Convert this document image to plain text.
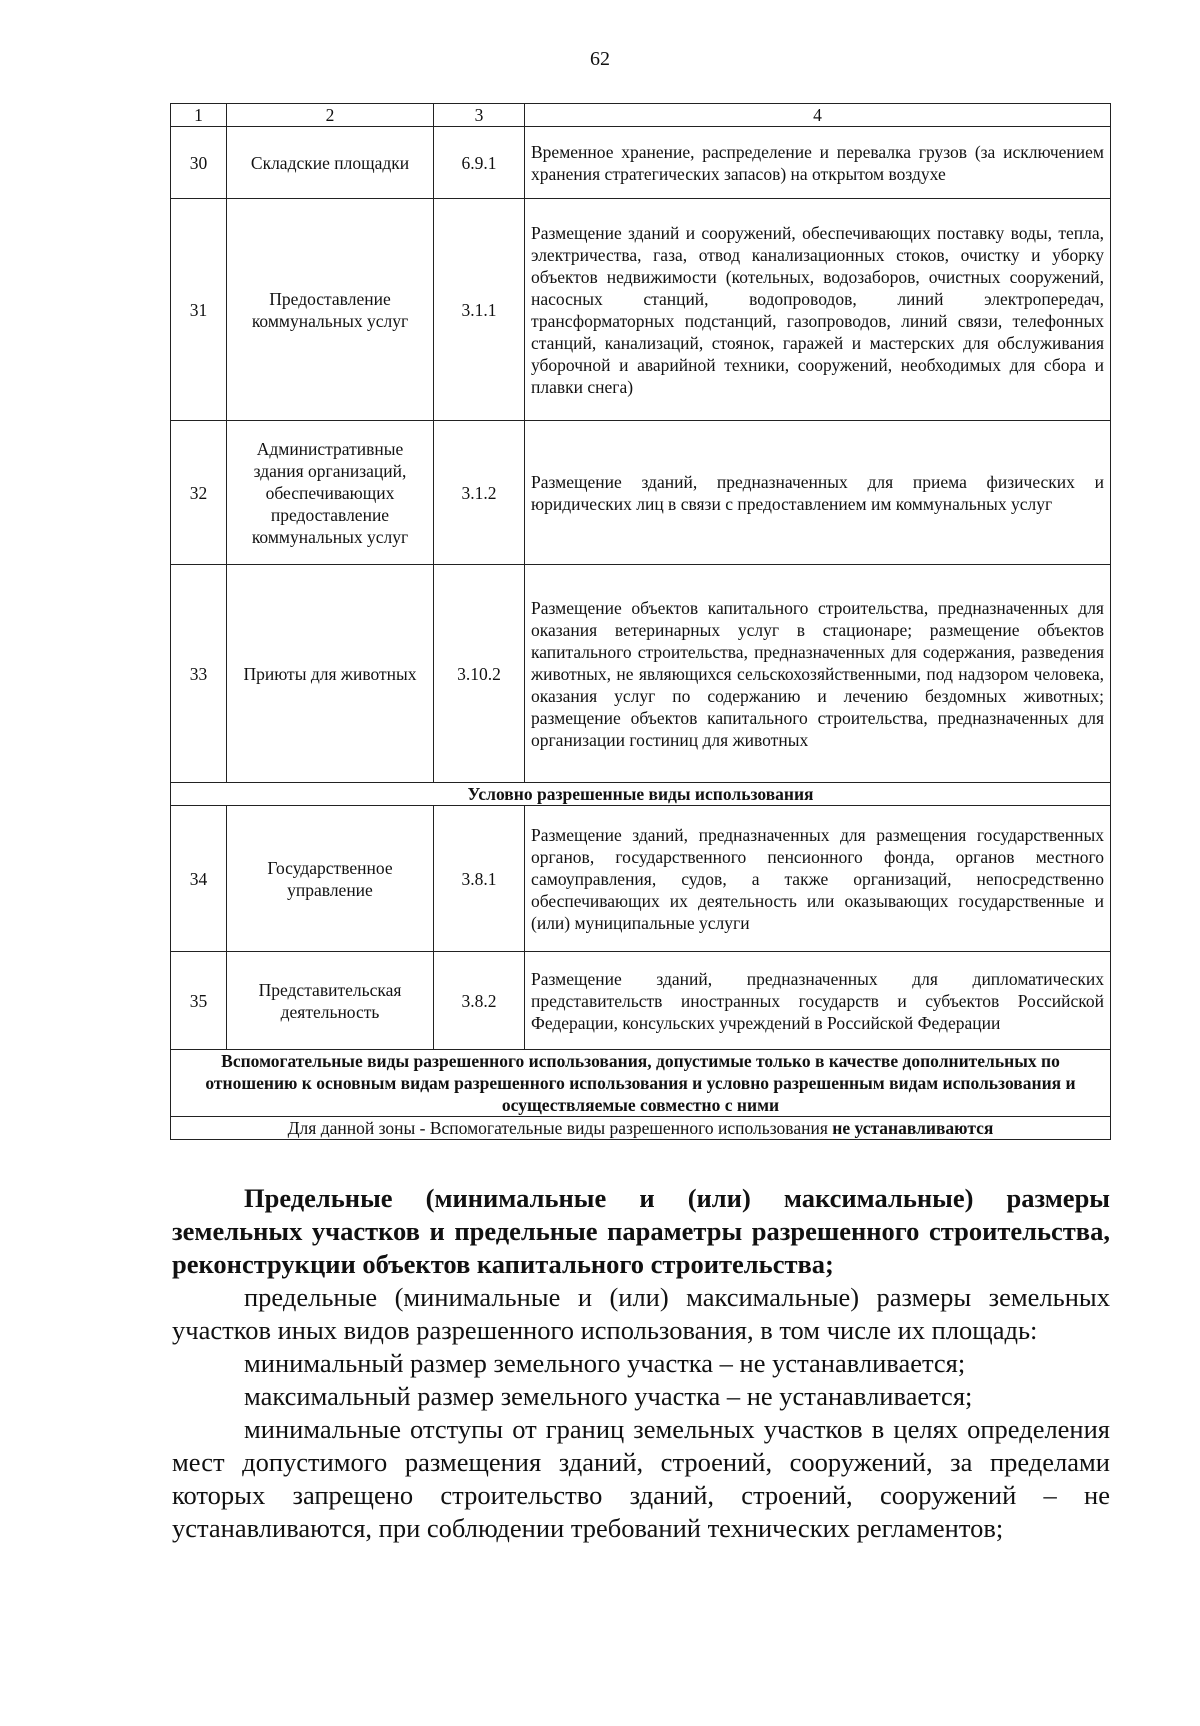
62
1	2	3	4
30	Складские площадки	6.9.1	Временное хранение, распределение и перевалка грузов (за исключением хранения стратегических запасов) на открытом воздухе
31	Предоставление коммунальных услуг	3.1.1	Размещение зданий и сооружений, обеспечивающих поставку воды, тепла, электричества, газа, отвод канализационных стоков, очистку и уборку объектов недвижимости (котельных, водозаборов, очистных сооружений, насосных станций, водопроводов, линий электропередач, трансформаторных подстанций, газопроводов, линий связи, телефонных станций, канализаций, стоянок, гаражей и мастерских для обслуживания уборочной и аварийной техники, сооружений, необходимых для сбора и плавки снега)
32	Административные здания организаций, обеспечивающих предоставление коммунальных услуг	3.1.2	Размещение зданий, предназначенных для приема физических и юридических лиц в связи с предоставлением им коммунальных услуг
33	Приюты для животных	3.10.2	Размещение объектов капитального строительства, предназначенных для оказания ветеринарных услуг в стационаре; размещение объектов капитального строительства, предназначенных для содержания, разведения животных, не являющихся сельскохозяйственными, под надзором человека, оказания услуг по содержанию и лечению бездомных животных; размещение объектов капитального строительства, предназначенных для организации гостиниц для животных
Условно разрешенные виды использования			
34	Государственное управление	3.8.1	Размещение зданий, предназначенных для размещения государственных органов, государственного пенсионного фонда, органов местного самоуправления, судов, а также организаций, непосредственно обеспечивающих их деятельность или оказывающих государственные и (или) муниципальные услуги
35	Представительская деятельность	3.8.2	Размещение зданий, предназначенных для дипломатических представительств иностранных государств и субъектов Российской Федерации, консульских учреждений в Российской Федерации
Вспомогательные виды разрешенного использования, допустимые только в качестве дополнительных по отношению к основным видам разрешенного использования и условно разрешенным видам использования и осуществляемые совместно с ними			
Для данной зоны - Вспомогательные виды разрешенного использования не устанавливаются			

Предельные (минимальные и (или) максимальные) размеры земельных участков и предельные параметры разрешенного строительства, реконструкции объектов капитального строительства;

предельные (минимальные и (или) максимальные) размеры земельных участков иных видов разрешенного использования, в том числе их площадь:

минимальный размер земельного участка – не устанавливается;

максимальный размер земельного участка – не устанавливается;

минимальные отступы от границ земельных участков в целях определения мест допустимого размещения зданий, строений, сооружений, за пределами которых запрещено строительство зданий, строений, сооружений – не устанавливаются, при соблюдении требований технических регламентов;
